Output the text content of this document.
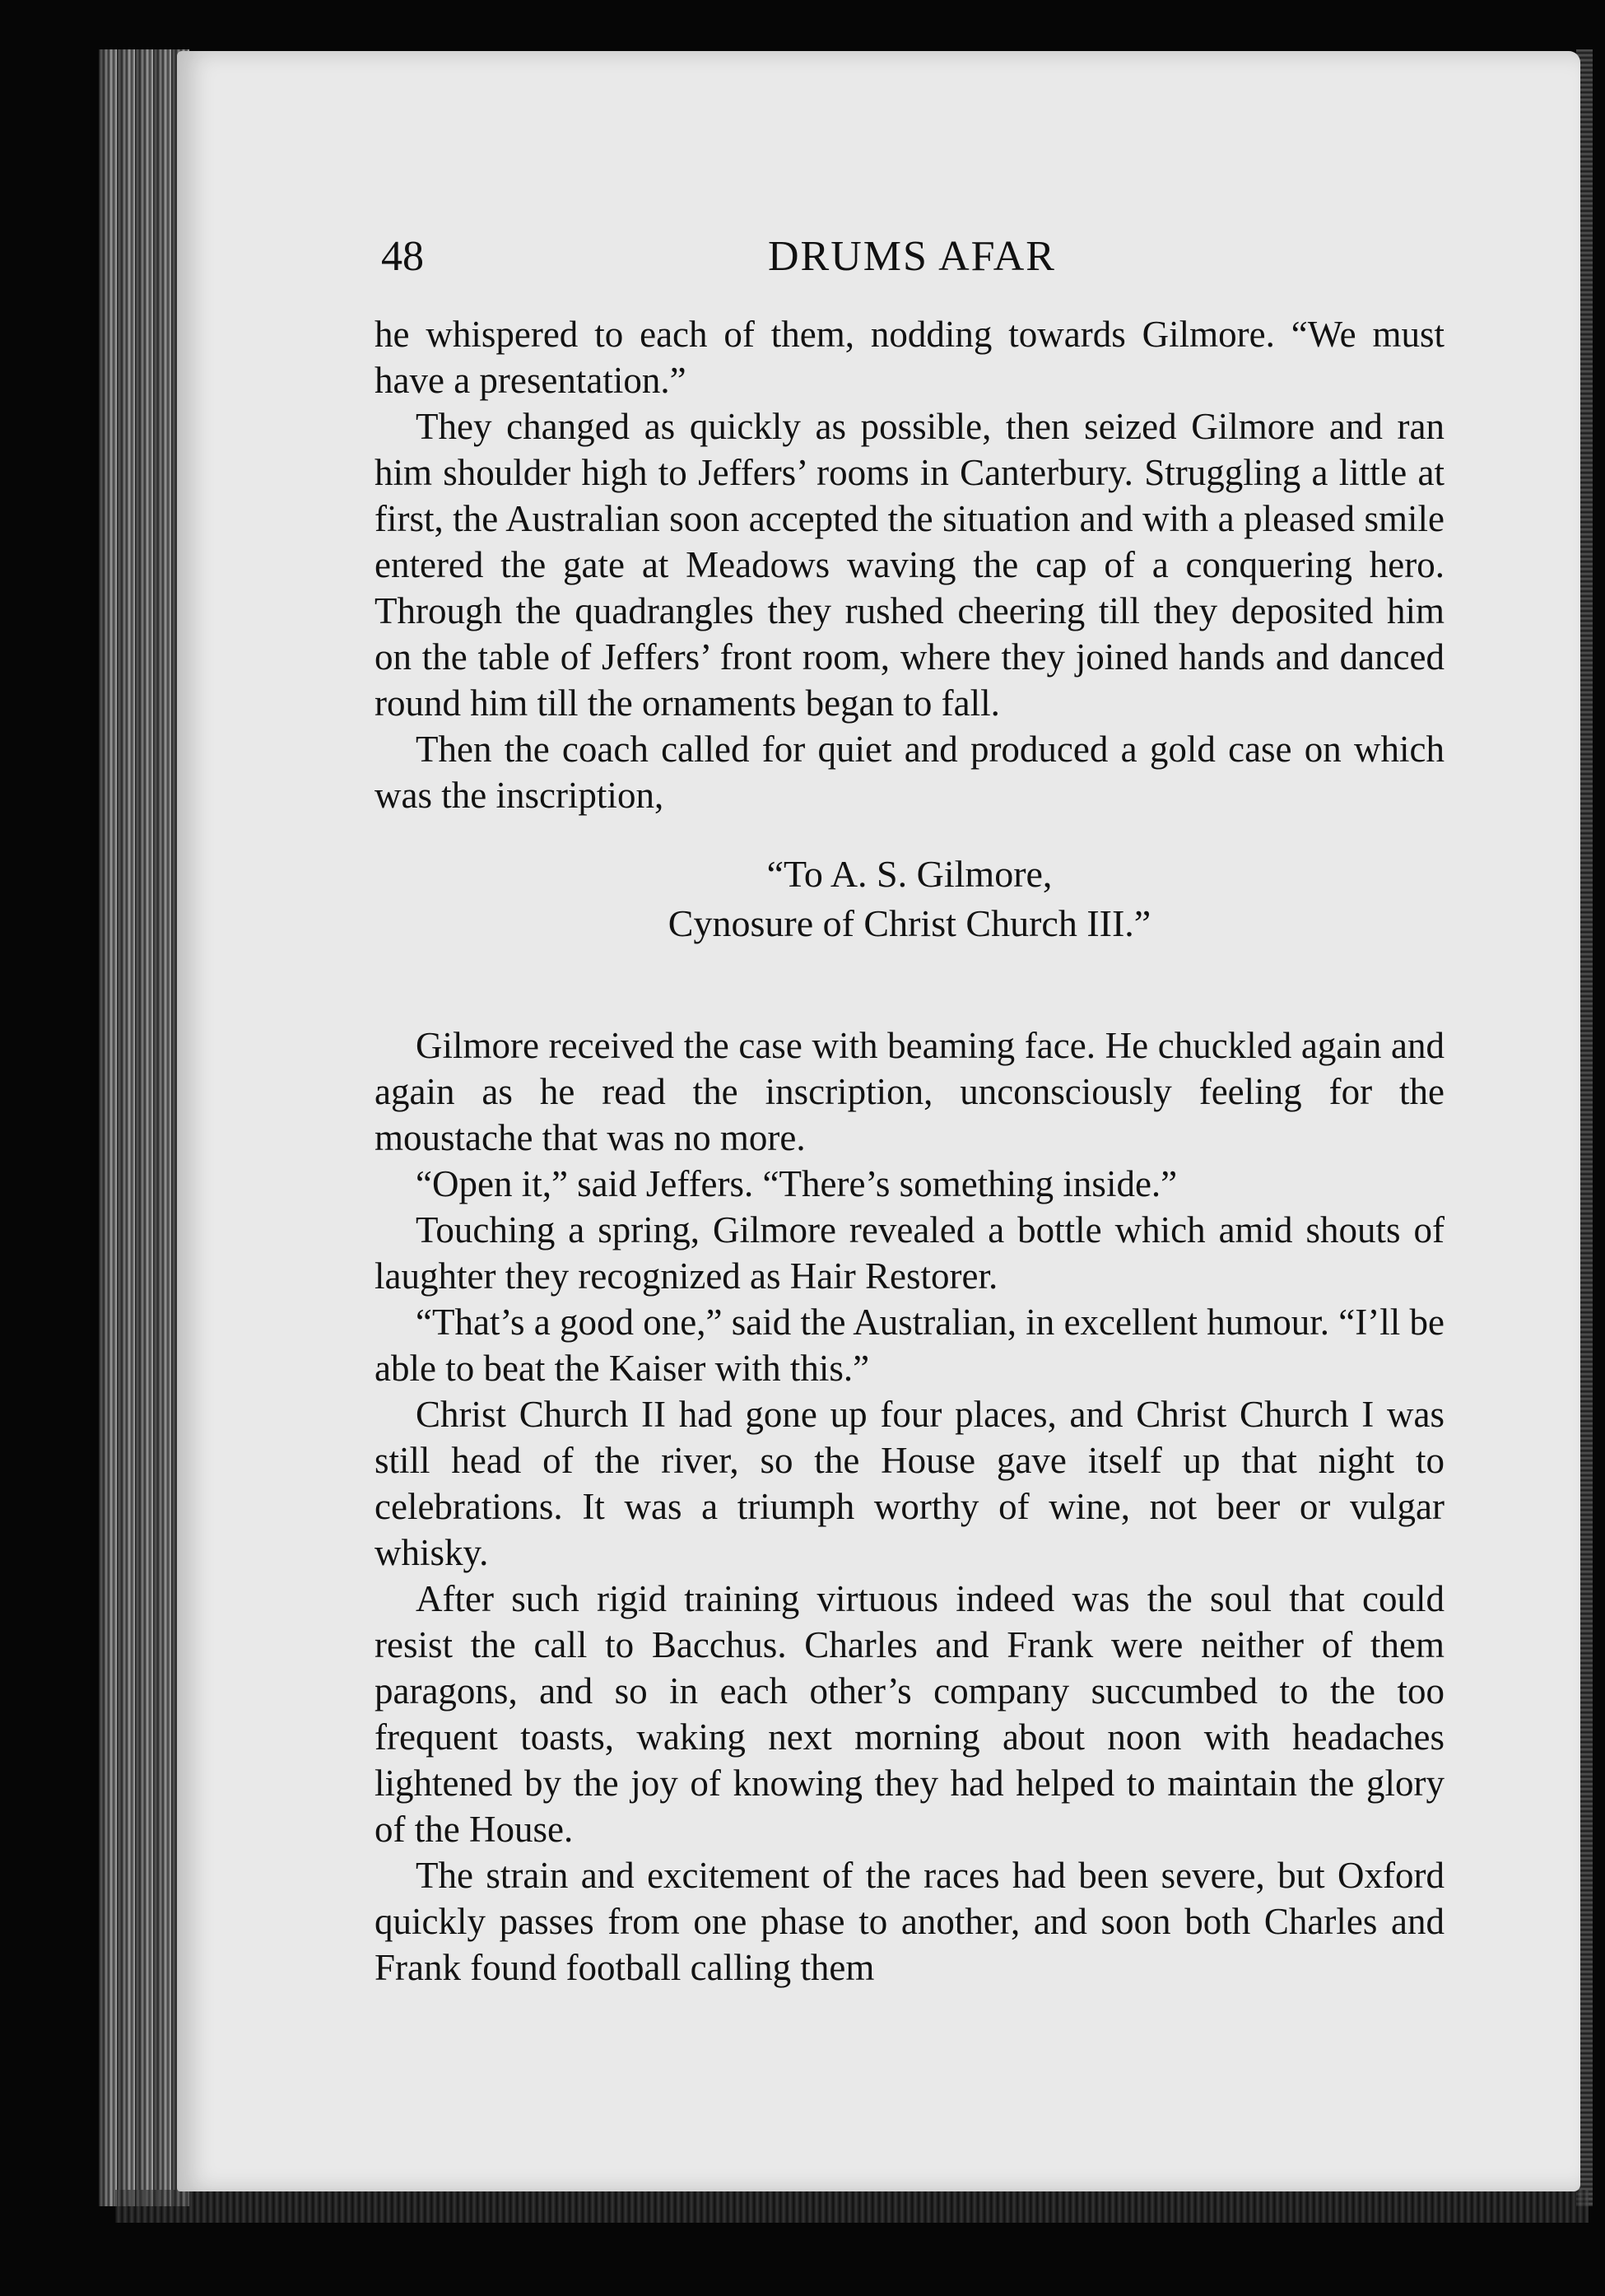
48	DRUMS AFAR

he whispered to each of them, nodding towards Gilmore. “We must have a presentation.”

They changed as quickly as possible, then seized Gilmore and ran him shoulder high to Jeffers’ rooms in Canterbury. Struggling a little at first, the Australian soon accepted the situation and with a pleased smile entered the gate at Meadows waving the cap of a conquering hero. Through the quadrangles they rushed cheering till they deposited him on the table of Jeffers’ front room, where they joined hands and danced round him till the ornaments began to fall.

Then the coach called for quiet and produced a gold case on which was the inscription,

“To A. S. Gilmore,
Cynosure of Christ Church III.”

Gilmore received the case with beaming face. He chuckled again and again as he read the inscription, unconsciously feeling for the moustache that was no more.

“Open it,” said Jeffers. “There’s something inside.”

Touching a spring, Gilmore revealed a bottle which amid shouts of laughter they recognized as Hair Restorer.

“That’s a good one,” said the Australian, in excellent humour. “I’ll be able to beat the Kaiser with this.”

Christ Church II had gone up four places, and Christ Church I was still head of the river, so the House gave itself up that night to celebrations. It was a triumph worthy of wine, not beer or vulgar whisky.

After such rigid training virtuous indeed was the soul that could resist the call to Bacchus. Charles and Frank were neither of them paragons, and so in each other’s company succumbed to the too frequent toasts, waking next morning about noon with headaches lightened by the joy of knowing they had helped to maintain the glory of the House.

The strain and excitement of the races had been severe, but Oxford quickly passes from one phase to another, and soon both Charles and Frank found football calling them
